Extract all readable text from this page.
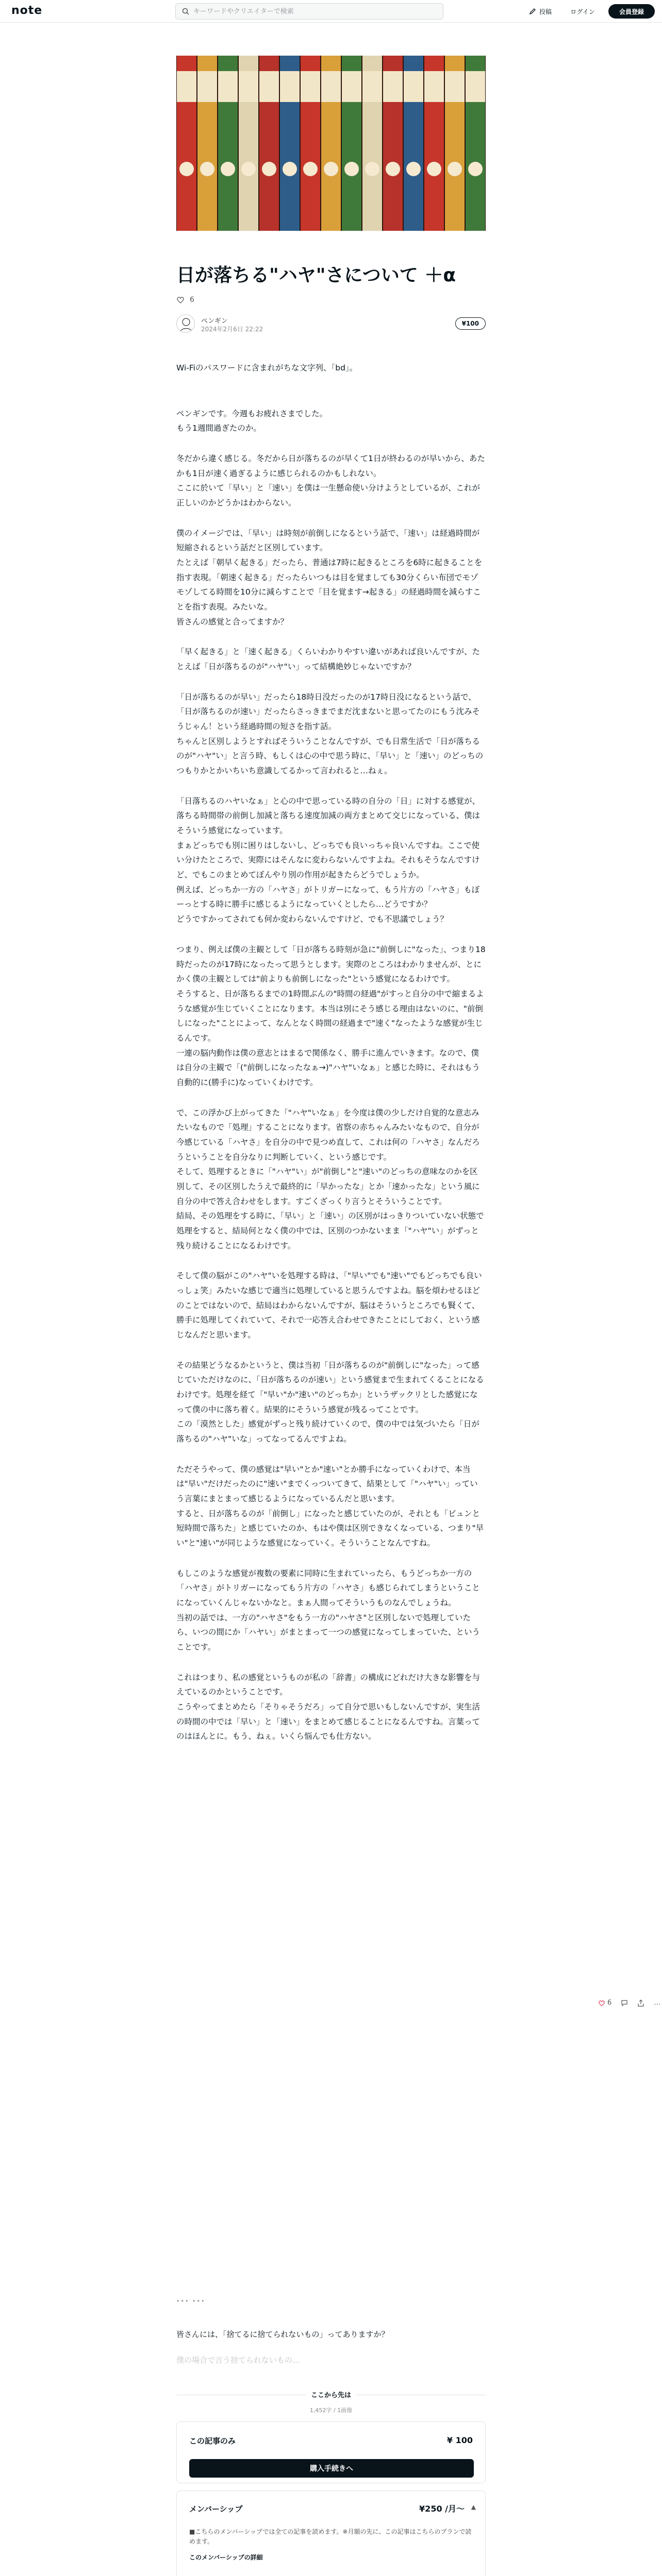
note
キーワードやクリエイターで検索	投稿	ログイン	会員登録
日が落ちる"ハヤ"さについて ＋α
6
ペンギン
2024年2月6日 22:22
¥100

Wi-Fiのパスワードに含まれがちな文字列、「bd」。

ペンギンです。今週もお疲れさまでした。
もう1週間過ぎたのか。

冬だから違く感じる。冬だから日が落ちるのが早くて1日が終わるのが早いから、あたかも1日が速く過ぎるように感じられるのかもしれない。
ここに於いて「早い」と「速い」を僕は一生懸命使い分けようとしているが、これが正しいのかどうかはわからない。

僕のイメージでは、「早い」は時刻が前倒しになるという話で、「速い」は経過時間が短縮されるという話だと区別しています。
たとえば「朝早く起きる」だったら、普通は7時に起きるところを6時に起きることを指す表現。「朝速く起きる」だったらいつもは目を覚ましても30分くらい布団でモゾモゾしてる時間を10分に減らすことで「目を覚ます→起きる」の経過時間を減らすことを指す表現。みたいな。
皆さんの感覚と合ってますか？

「早く起きる」と「速く起きる」くらいわかりやすい違いがあれば良いんですが、たとえば「日が落ちるのが"ハヤ"い」って結構絶妙じゃないですか？

「日が落ちるのが早い」だったら18時日没だったのが17時日没になるという話で、「日が落ちるのが速い」だったらさっきまでまだ沈まないと思ってたのにもう沈みそうじゃん！という経過時間の短さを指す話。
ちゃんと区別しようとすればそういうことなんですが、でも日常生活で「日が落ちるのが"ハヤ"い」と言う時、もしくは心の中で思う時に、「早い」と「速い」のどっちのつもりかとかいちいち意識してるかって言われると…ねぇ。

「日落ちるのハヤいなぁ」と心の中で思っている時の自分の「日」に対する感覚が、落ちる時間帯の前倒し加減と落ちる速度加減の両方まとめて交じになっている、僕はそういう感覚になっています。
まぁどっちでも別に困りはしないし、どっちでも良いっちゃ良いんですね。ここで使い分けたところで、実際にはそんなに変わらないんですよね。それもそうなんですけど、でもこのまとめてぼんやり別の作用が起きたらどうでしょうか。
例えば、どっちか一方の「ハヤさ」がトリガーになって、もう片方の「ハヤさ」もぼーっとする時に勝手に感じるようになっていくとしたら…どうですか？
どうですかってされても何か変わらないんですけど、でも不思議でしょう？

つまり、例えば僕の主観として「日が落ちる時刻が急に"前倒しに"なった」、つまり18時だったのが17時になったって思うとします。実際のところはわかりませんが、とにかく僕の主観としては"前よりも前倒しになった"という感覚になるわけです。
そうすると、日が落ちるまでの1時間ぶんの"時間の経過"がすっと自分の中で縮まるような感覚が生じていくことになります。本当は別にそう感じる理由はないのに、"前倒しになった"ことによって、なんとなく時間の経過まで"速く"なったような感覚が生じるんです。
一連の脳内動作は僕の意志とはまるで関係なく、勝手に進んでいきます。なので、僕は自分の主観で「("前倒しになったなぁ→)"ハヤ"いなぁ」と感じた時に、それはもう自動的に(勝手に)なっていくわけです。

で、この浮かび上がってきた「"ハヤ"いなぁ」を今度は僕の少しだけ自覚的な意志みたいなもので「処理」することになります。省察の赤ちゃんみたいなもので、自分が今感じている「ハヤさ」を自分の中で見つめ直して、これは何の「ハヤさ」なんだろうということを自分なりに判断していく、という感じです。
そして、処理するときに「"ハヤ"い」が"前倒し"と"速い"のどっちの意味なのかを区別して、その区別したうえで最終的に「早かったな」とか「速かったな」という風に自分の中で答え合わせをします。すごくざっくり言うとそういうことです。
結局、その処理をする時に、「早い」と「速い」の区別がはっきりついていない状態で処理をすると、結局何となく僕の中では、区別のつかないまま「"ハヤ"い」がずっと残り続けることになるわけです。

そして僕の脳がこの"ハヤ"いを処理する時は、「"早い"でも"速い"でもどっちでも良いっしょ笑」みたいな感じで適当に処理していると思うんですよね。脳を煩わせるほどのことではないので、結局はわからないんですが、脳はそういうところでも賢くて、勝手に処理してくれていて、それで一応答え合わせできたことにしておく、という感じなんだと思います。

その結果どうなるかというと、僕は当初「日が落ちるのが"前倒しに"なった」って感じていただけなのに、「日が落ちるのが速い」という感覚まで生まれてくることになるわけです。処理を経て「"早い"か"速い"のどっちか」というザックリとした感覚になって僕の中に落ち着く。結果的にそういう感覚が残るってことです。
この「漠然とした」感覚がずっと残り続けていくので、僕の中では気づいたら「日が落ちるの"ハヤ"いな」ってなってるんですよね。

ただそうやって、僕の感覚は"早い"とか"速い"とか勝手になっていくわけで、本当は"早い"だけだったのに"速い"までくっついてきて、結果として「"ハヤ"い」っていう言葉にまとまって感じるようになっているんだと思います。
すると、日が落ちるのが「前倒し」になったと感じていたのが、それとも「ビュンと短時間で落ちた」と感じていたのか、もはや僕は区別できなくなっている、つまり"早い"と"速い"が同じような感覚になっていく。そういうことなんですね。

もしこのような感覚が複数の要素に同時に生まれていったら、もうどっちか一方の「ハヤさ」がトリガーになってもう片方の「ハヤさ」も感じられてしまうということになっていくんじゃないかなと。まぁ人間ってそういうものなんでしょうね。
当初の話では、一方の"ハヤさ"をもう一方の"ハヤさ"と区別しないで処理していたら、いつの間にか「ハヤい」がまとまって一つの感覚になってしまっていた、ということです。

これはつまり、私の感覚というものが私の「辞書」の構成にどれだけ大きな影響を与えているのかということです。
こうやってまとめたら「そりゃそうだろ」って自分で思いもしないんですが、実生活の時間の中では「早い」と「速い」をまとめて感じることになるんですね。言葉ってのはほんとに。もう、ねぇ。いくら悩んでも仕方ない。

6	…
••• •••
皆さんには、「捨てるに捨てられないもの」ってありますか？
僕の場合で言う捨てられないもの…
ここから先は
1,452字 / 1画像
この記事のみ	¥ 100
購入手続きへ
メンバーシップ	¥250 /月〜 ▲
■こちらのメンバーシップでは全ての記事を読めます。※月額の先に、この記事はこちらのプランで読めます。
このメンバーシップの詳細
